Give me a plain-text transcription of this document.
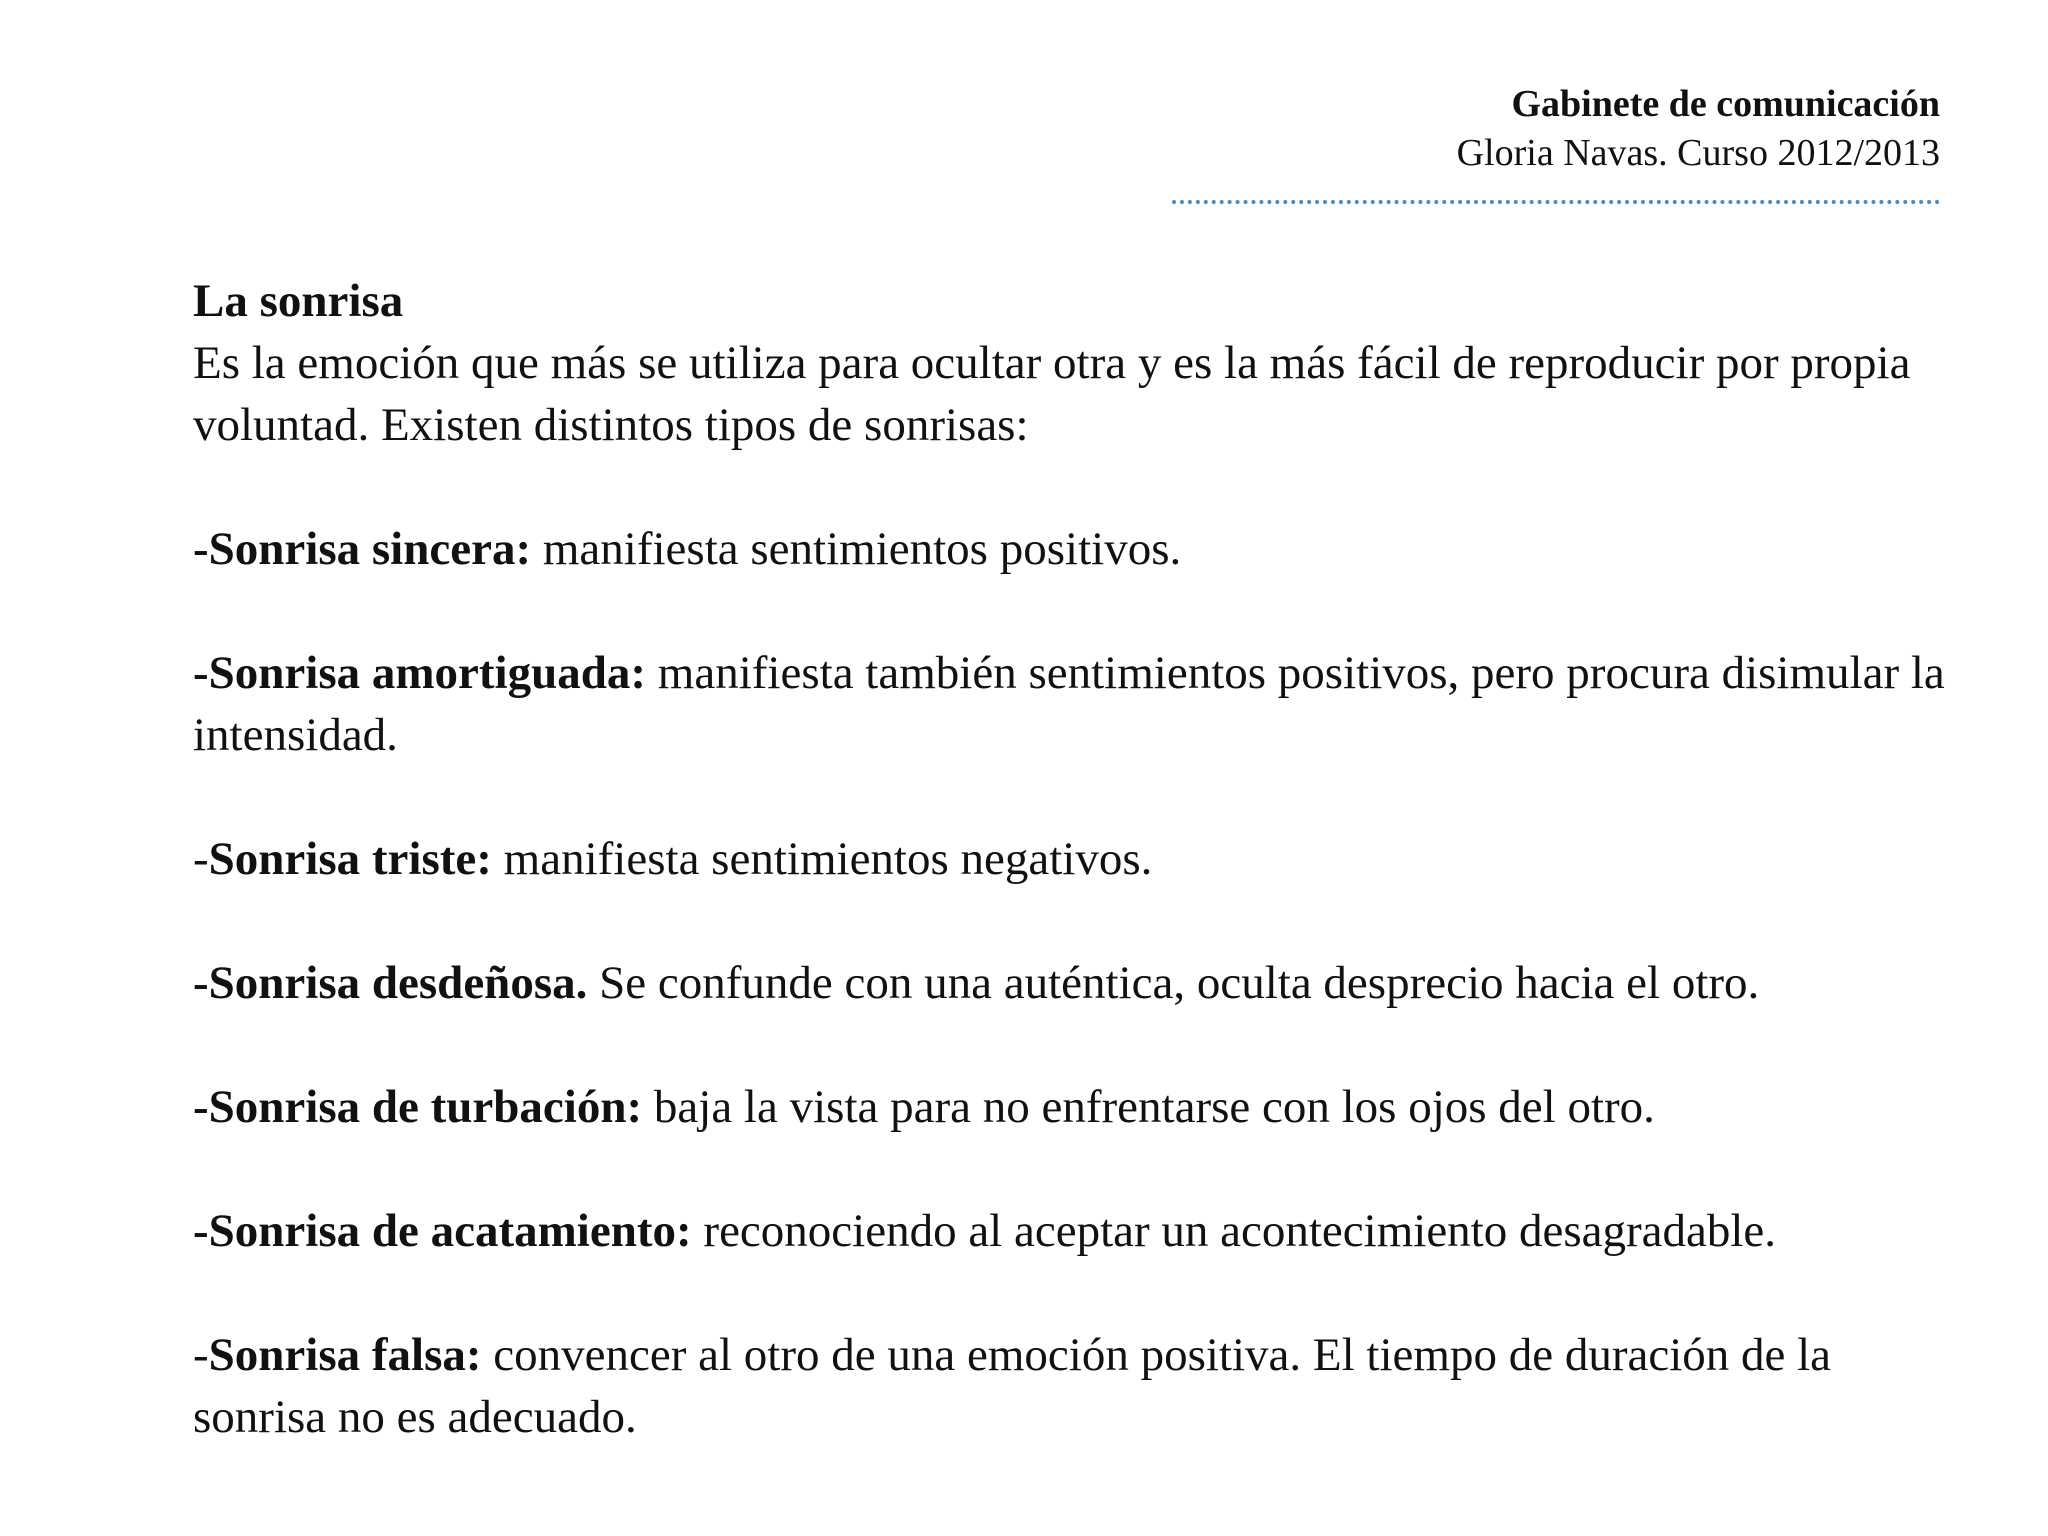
Gabinete de comunicación
Gloria Navas. Curso 2012/2013

La sonrisa

Es la emoción que más se utiliza para ocultar otra y es la más fácil de reproducir por propia voluntad. Existen distintos tipos de sonrisas:

-Sonrisa sincera: manifiesta sentimientos positivos.

-Sonrisa amortiguada: manifiesta también sentimientos positivos, pero procura disimular la intensidad.

-Sonrisa triste: manifiesta sentimientos negativos.

-Sonrisa desdeñosa. Se confunde con una auténtica, oculta desprecio hacia el otro.

-Sonrisa de turbación: baja la vista para no enfrentarse con los ojos del otro.

-Sonrisa de acatamiento: reconociendo al aceptar un acontecimiento desagradable.

-Sonrisa falsa: convencer al otro de una emoción positiva. El tiempo de duración de la sonrisa no es adecuado.
